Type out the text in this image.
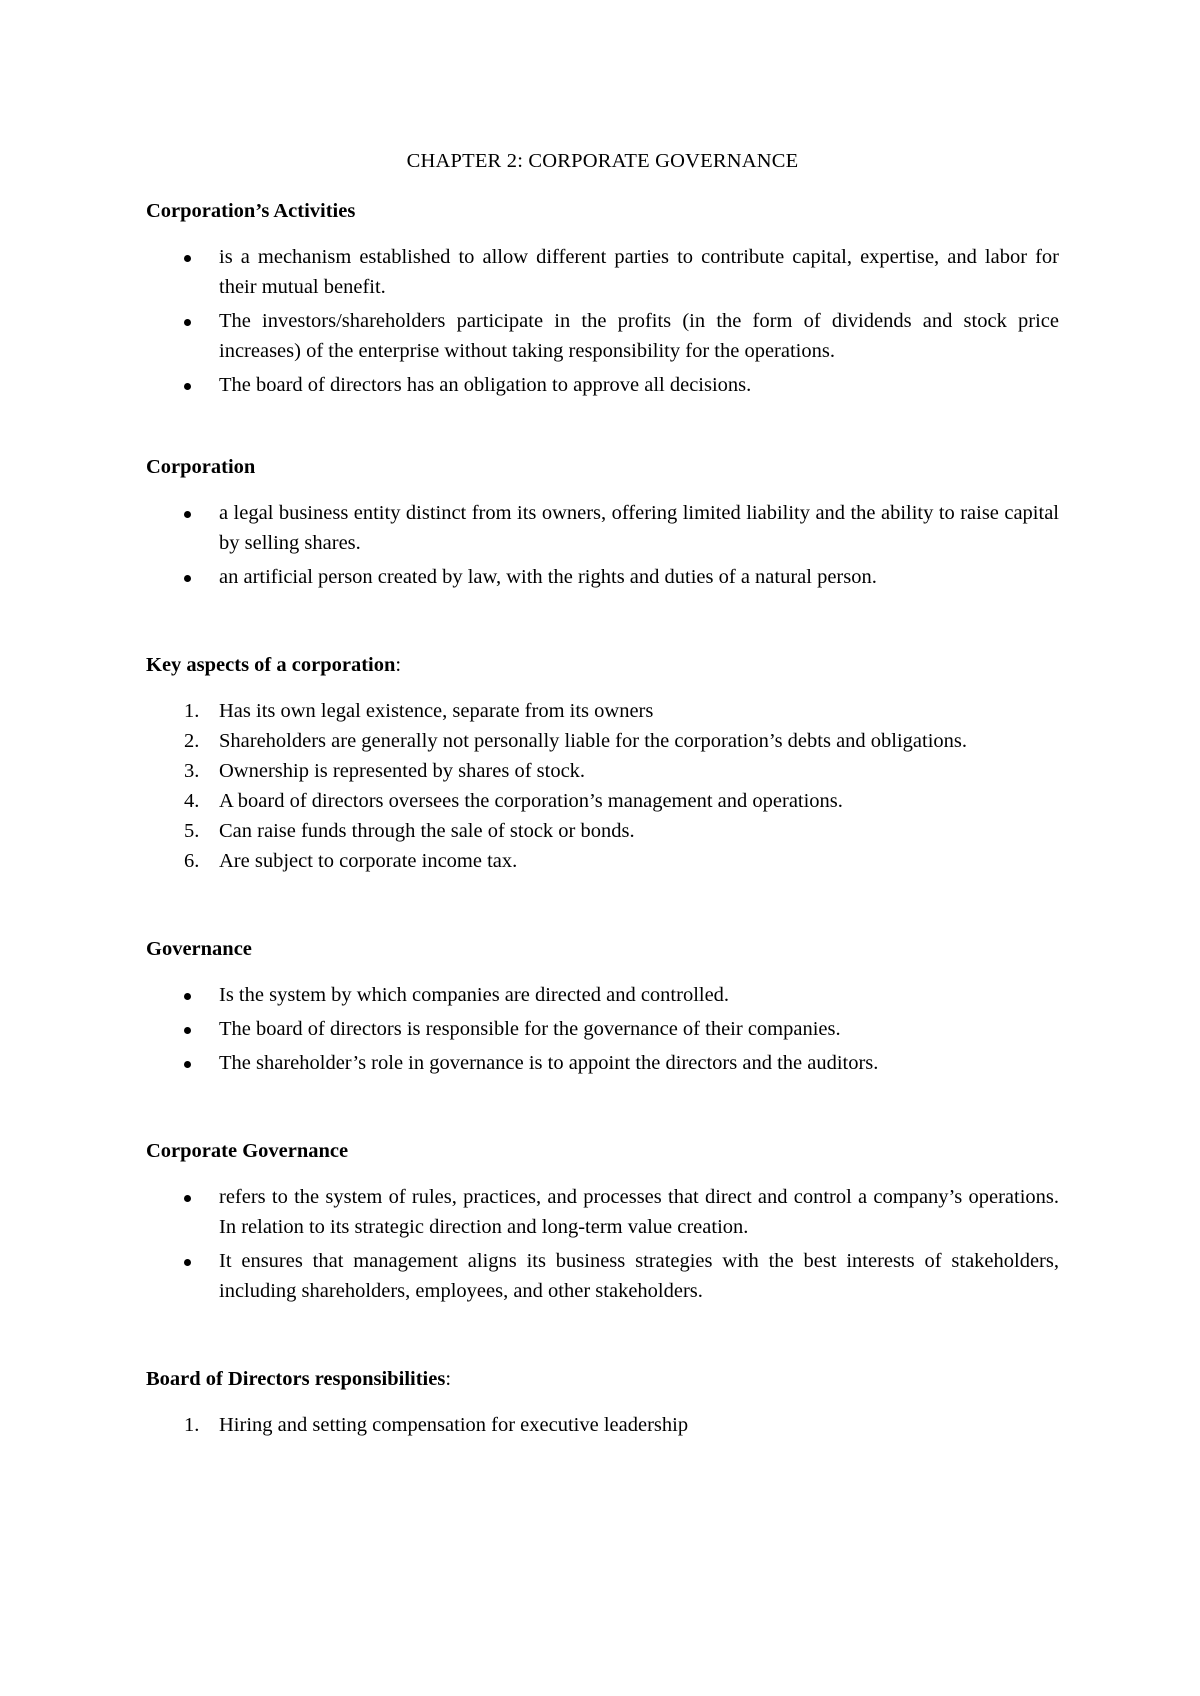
CHAPTER 2: CORPORATE GOVERNANCE
Corporation’s Activities
is a mechanism established to allow different parties to contribute capital, expertise, and labor for their mutual benefit.
The investors/shareholders participate in the profits (in the form of dividends and stock price increases) of the enterprise without taking responsibility for the operations.
The board of directors has an obligation to approve all decisions.
Corporation
a legal business entity distinct from its owners, offering limited liability and the ability to raise capital by selling shares.
an artificial person created by law, with the rights and duties of a natural person.
Key aspects of a corporation:
1. Has its own legal existence, separate from its owners
2. Shareholders are generally not personally liable for the corporation’s debts and obligations.
3. Ownership is represented by shares of stock.
4. A board of directors oversees the corporation’s management and operations.
5. Can raise funds through the sale of stock or bonds.
6. Are subject to corporate income tax.
Governance
Is the system by which companies are directed and controlled.
The board of directors is responsible for the governance of their companies.
The shareholder’s role in governance is to appoint the directors and the auditors.
Corporate Governance
refers to the system of rules, practices, and processes that direct and control a company’s operations. In relation to its strategic direction and long-term value creation.
It ensures that management aligns its business strategies with the best interests of stakeholders, including shareholders, employees, and other stakeholders.
Board of Directors responsibilities:
1. Hiring and setting compensation for executive leadership
